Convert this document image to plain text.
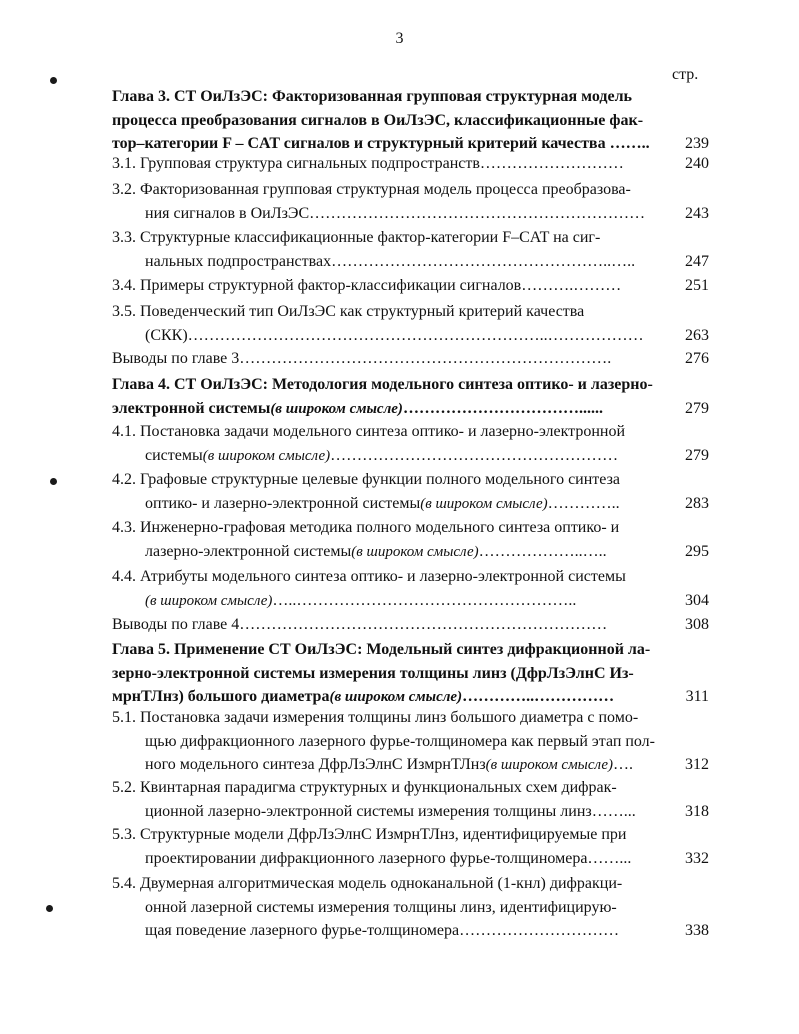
3
стр.
Глава 3. СТ ОиЛзЭС: Факторизованная групповая структурная модель
процесса преобразования сигналов в ОиЛзЭС, классификационные фак-
тор–категории F – CAT сигналов и структурный критерий качества ……..	239
3.1. Групповая структура сигнальных подпространств………………………	240
3.2. Факторизованная групповая структурная модель процесса преобразова-
ния сигналов в ОиЛзЭС………………………………………………………	243
3.3. Структурные классификационные фактор-категории F–CAT на сиг-
нальных подпространствах……………………………………………..…..	247
3.4. Примеры структурной фактор-классификации сигналов……….………	251
3.5. Поведенческий тип ОиЛзЭС как структурный критерий качества
(СКК)…………………………………………………………..………………	263
Выводы по главе 3…………………………………………………………….	276
Глава 4. СТ ОиЛзЭС: Методология модельного синтеза оптико- и лазерно-
электронной системы(в широком смысле)……………………………......	279
4.1. Постановка задачи модельного синтеза оптико- и лазерно-электронной
системы(в широком смысле)………………………………………………	279
4.2. Графовые структурные целевые функции полного модельного синтеза
оптико- и лазерно-электронной системы(в широком смысле)…………..	283
4.3. Инженерно-графовая методика полного модельного синтеза оптико- и
лазерно-электронной системы(в широком смысле)………………..…..	295
4.4. Атрибуты модельного синтеза оптико- и лазерно-электронной системы
(в широком смысле)…..……………………………………………..	304
Выводы по главе 4……………………………………………………………	308
Глава 5. Применение СТ ОиЛзЭС: Модельный синтез дифракционной ла-
зерно-электронной системы измерения толщины линз (ДфрЛзЭлнС Из-
мрнТЛнз) большого диаметра(в широком смысле)…………..……………	311
5.1. Постановка задачи измерения толщины линз большого диаметра с помо-
щью дифракционного лазерного фурье-толщиномера как первый этап пол-
ного модельного синтеза ДфрЛзЭлнС ИзмрнТЛнз(в широком смысле)….	312
5.2. Квинтарная парадигма структурных и функциональных схем дифрак-
ционной лазерно-электронной системы измерения толщины линз……...	318
5.3. Структурные модели ДфрЛзЭлнС ИзмрнТЛнз, идентифицируемые при
проектировании дифракционного лазерного фурье-толщиномера……...	332
5.4. Двумерная алгоритмическая модель одноканальной (1-кнл) дифракци-
онной лазерной системы измерения толщины линз, идентифицирую-
щая поведение лазерного фурье-толщиномера…………………………	338
